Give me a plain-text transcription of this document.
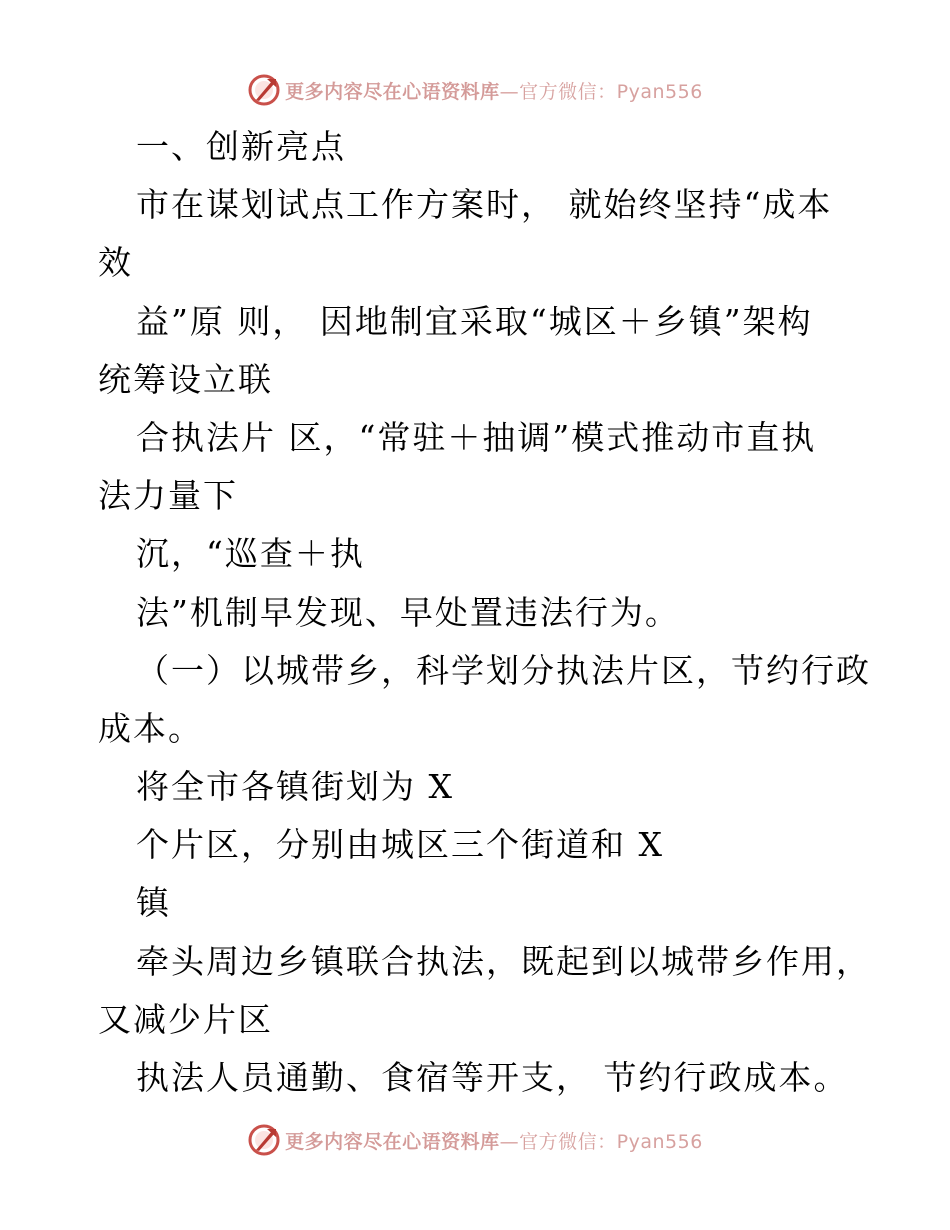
更多内容尽在心语资料库—官方微信：Pyan556
一、创新亮点
市在谋划试点工作方案时， 就始终坚持“成本
效
益”原 则， 因地制宜采取“城区＋乡镇”架构
统筹设立联
合执法片 区，“常驻＋抽调”模式推动市直执
法力量下
沉，“巡查＋执
法”机制早发现、早处置违法行为。
（一）以城带乡，科学划分执法片区，节约行政
成本。
将全市各镇街划为 X
个片区，分别由城区三个街道和 X
镇
牵头周边乡镇联合执法，既起到以城带乡作用，
又减少片区
执法人员通勤、食宿等开支， 节约行政成本。
更多内容尽在心语资料库—官方微信：Pyan556
